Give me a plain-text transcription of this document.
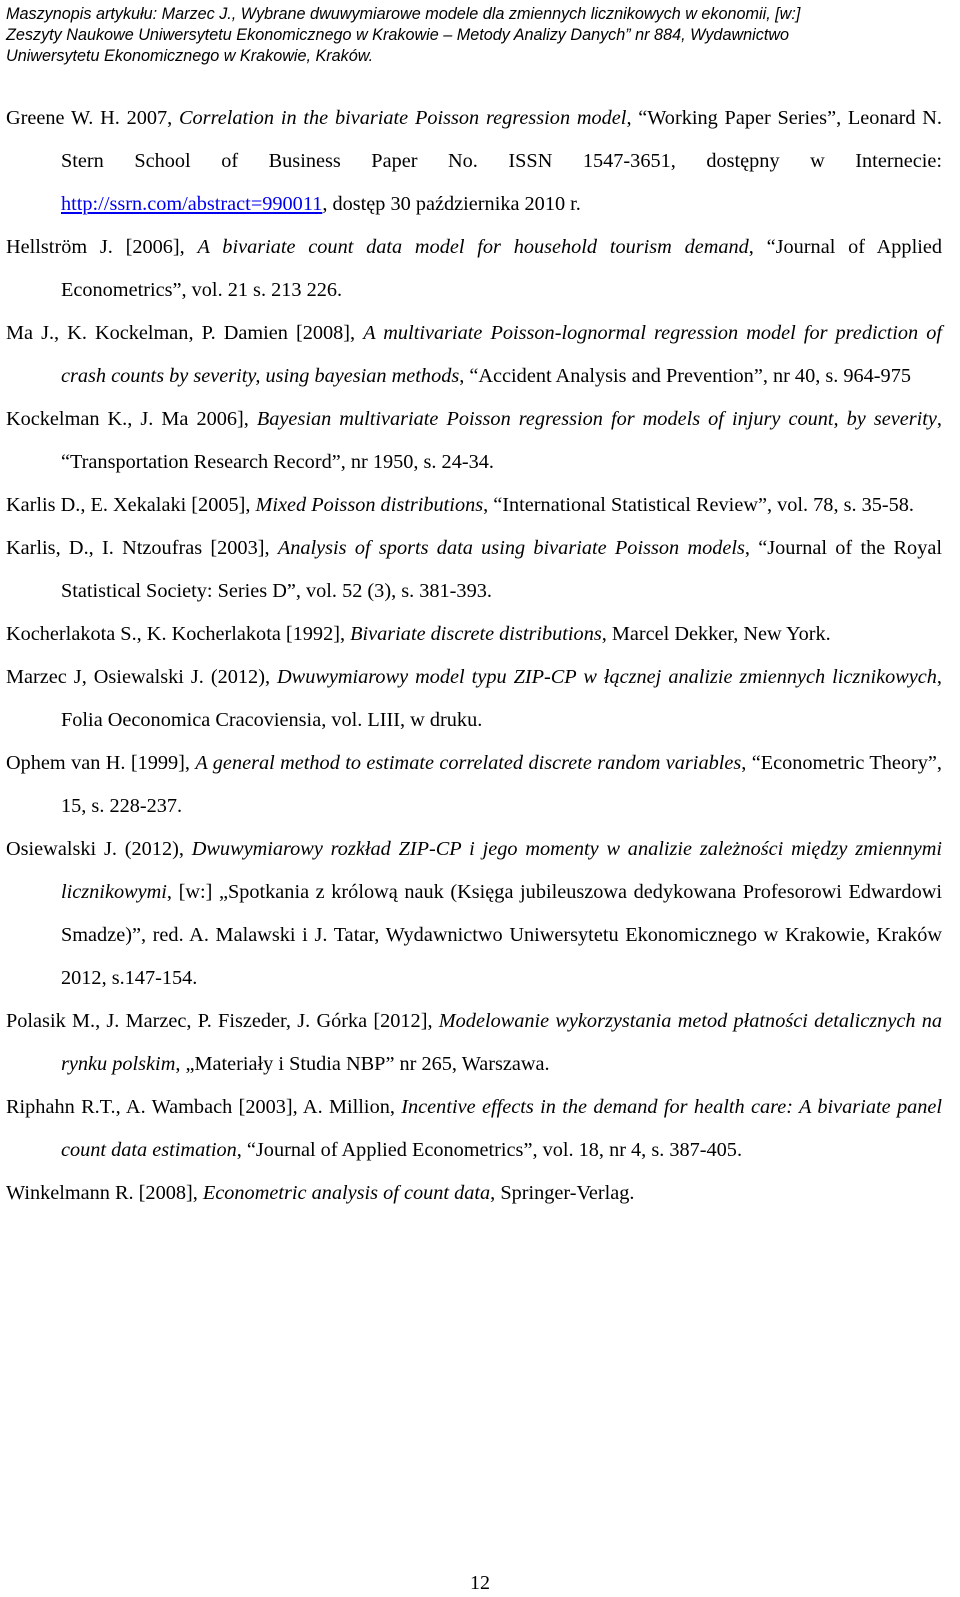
Maszynopis artykułu: Marzec J., Wybrane dwuwymiarowe modele dla zmiennych licznikowych w ekonomii, [w:]
Zeszyty Naukowe Uniwersytetu Ekonomicznego w Krakowie – Metody Analizy Danych” nr 884, Wydawnictwo
Uniwersytetu Ekonomicznego w Krakowie, Kraków.

Greene W. H. 2007, Correlation in the bivariate Poisson regression model, “Working Paper Series”, Leonard N. Stern School of Business Paper No. ISSN 1547-3651, dostępny w Internecie: http://ssrn.com/abstract=990011, dostęp 30 października 2010 r.

Hellström J. [2006], A bivariate count data model for household tourism demand, “Journal of Applied Econometrics”, vol. 21 s. 213 226.

Ma J., K. Kockelman, P. Damien [2008], A multivariate Poisson-lognormal regression model for prediction of crash counts by severity, using bayesian methods, “Accident Analysis and Prevention”, nr 40, s. 964-975

Kockelman K., J. Ma 2006], Bayesian multivariate Poisson regression for models of injury count, by severity, “Transportation Research Record”, nr 1950, s. 24-34.

Karlis D., E. Xekalaki [2005], Mixed Poisson distributions, “International Statistical Review”, vol. 78, s. 35-58.

Karlis, D., I. Ntzoufras [2003], Analysis of sports data using bivariate Poisson models, “Journal of the Royal Statistical Society: Series D”, vol. 52 (3), s. 381-393.

Kocherlakota S., K. Kocherlakota [1992], Bivariate discrete distributions, Marcel Dekker, New York.

Marzec J, Osiewalski J. (2012), Dwuwymiarowy model typu ZIP-CP w łącznej analizie zmiennych licznikowych, Folia Oeconomica Cracoviensia, vol. LIII, w druku.

Ophem van H. [1999], A general method to estimate correlated discrete random variables, “Econometric Theory”, 15, s. 228-237.

Osiewalski J. (2012), Dwuwymiarowy rozkład ZIP-CP i jego momenty w analizie zależności między zmiennymi licznikowymi, [w:] „Spotkania z królową nauk (Księga jubileuszowa dedykowana Profesorowi Edwardowi Smadze)”, red. A. Malawski i J. Tatar, Wydawnictwo Uniwersytetu Ekonomicznego w Krakowie, Kraków 2012, s.147-154.

Polasik M., J. Marzec, P. Fiszeder, J. Górka [2012], Modelowanie wykorzystania metod płatności detalicznych na rynku polskim, „Materiały i Studia NBP” nr 265, Warszawa.

Riphahn R.T., A. Wambach [2003], A. Million, Incentive effects in the demand for health care: A bivariate panel count data estimation, “Journal of Applied Econometrics”, vol. 18, nr 4, s. 387-405.

Winkelmann R. [2008], Econometric analysis of count data, Springer-Verlag.

12
